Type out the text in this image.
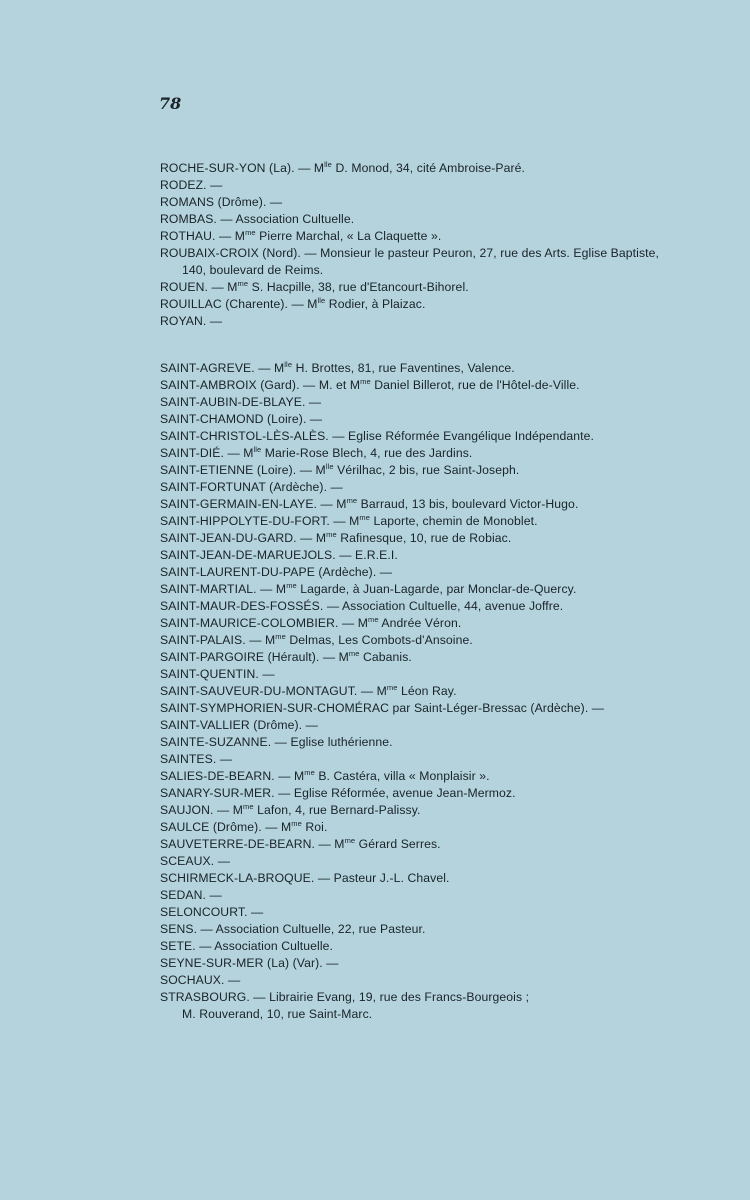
78
ROCHE-SUR-YON (La). — $M^{lle}$ D. Monod, 34, cité Ambroise-Paré.
RODEZ. —
ROMANS (Drôme). —
ROMBAS. — Association Cultuelle.
ROTHAU. — $M^{me}$ Pierre Marchal, « La Claquette ».
ROUBAIX-CROIX (Nord). — Monsieur le pasteur Peuron, 27, rue des Arts. Eglise Baptiste,
140, boulevard de Reims.
ROUEN. — $M^{me}$ S. Hacpille, 38, rue d'Etancourt-Bihorel.
ROUILLAC (Charente). — $M^{lle}$ Rodier, à Plaizac.
ROYAN. —
SAINT-AGREVE. — $M^{lle}$ H. Brottes, 81, rue Faventines, Valence.
SAINT-AMBROIX (Gard). — M. et $M^{me}$ Daniel Billerot, rue de l'Hôtel-de-Ville.
SAINT-AUBIN-DE-BLAYE. —
SAINT-CHAMOND (Loire). —
SAINT-CHRISTOL-LÈS-ALÈS. — Eglise Réformée Evangélique Indépendante.
SAINT-DIÉ. — $M^{lle}$ Marie-Rose Blech, 4, rue des Jardins.
SAINT-ETIENNE (Loire). — $M^{lle}$ Vérilhac, 2 bis, rue Saint-Joseph.
SAINT-FORTUNAT (Ardèche). —
SAINT-GERMAIN-EN-LAYE. — $M^{me}$ Barraud, 13 bis, boulevard Victor-Hugo.
SAINT-HIPPOLYTE-DU-FORT. — $M^{me}$ Laporte, chemin de Monoblet.
SAINT-JEAN-DU-GARD. — $M^{me}$ Rafinesque, 10, rue de Robiac.
SAINT-JEAN-DE-MARUEJOLS. — E.R.E.I.
SAINT-LAURENT-DU-PAPE (Ardèche). —
SAINT-MARTIAL. — $M^{me}$ Lagarde, à Juan-Lagarde, par Monclar-de-Quercy.
SAINT-MAUR-DES-FOSSÉS. — Association Cultuelle, 44, avenue Joffre.
SAINT-MAURICE-COLOMBIER. — $M^{me}$ Andrée Véron.
SAINT-PALAIS. — $M^{me}$ Delmas, Les Combots-d'Ansoine.
SAINT-PARGOIRE (Hérault). — $M^{me}$ Cabanis.
SAINT-QUENTIN. —
SAINT-SAUVEUR-DU-MONTAGUT. — $M^{me}$ Léon Ray.
SAINT-SYMPHORIEN-SUR-CHOMÉRAC par Saint-Léger-Bressac (Ardèche). —
SAINT-VALLIER (Drôme). —
SAINTE-SUZANNE. — Eglise luthérienne.
SAINTES. —
SALIES-DE-BEARN. — $M^{me}$ B. Castéra, villa « Monplaisir ».
SANARY-SUR-MER. — Eglise Réformée, avenue Jean-Mermoz.
SAUJON. — $M^{me}$ Lafon, 4, rue Bernard-Palissy.
SAULCE (Drôme). — $M^{me}$ Roi.
SAUVETERRE-DE-BEARN. — $M^{me}$ Gérard Serres.
SCEAUX. —
SCHIRMECK-LA-BROQUE. — Pasteur J.-L. Chavel.
SEDAN. —
SELONCOURT. —
SENS. — Association Cultuelle, 22, rue Pasteur.
SETE. — Association Cultuelle.
SEYNE-SUR-MER (La) (Var). —
SOCHAUX. —
STRASBOURG. — Librairie Evang, 19, rue des Francs-Bourgeois ;
M. Rouverand, 10, rue Saint-Marc.
